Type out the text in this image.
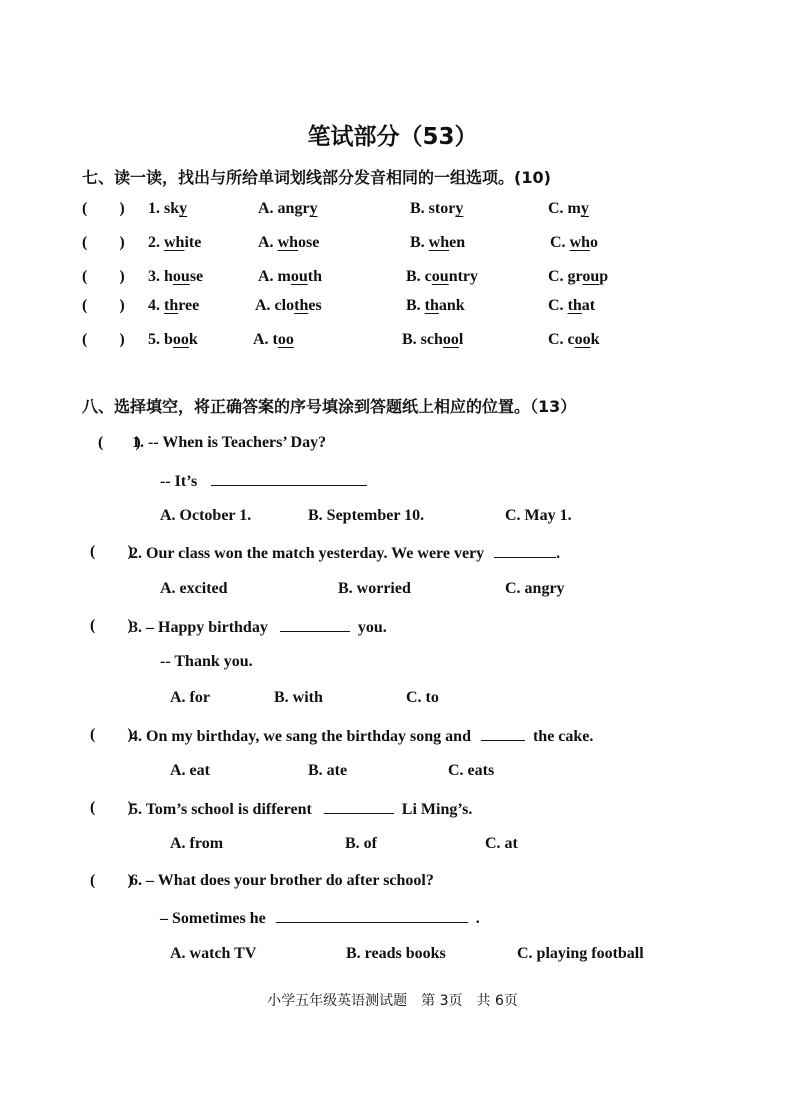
笔试部分（53）
七、读一读，找出与所给单词划线部分发音相同的一组选项。(10)
(  ) 1. sky	A. angry	B. story	C. my
(  ) 2. white	A. whose	B. when	C. who
(  ) 3. house	A. mouth	B. country	C. group
(  ) 4. three	A. clothes	B. thank	C. that
(  ) 5. book	A. too	B. school	C. cook
八、选择填空，将正确答案的序号填涂到答题纸上相应的位置。（13）
(  )
1. -- When is Teachers’ Day?
-- It’s
A. October 1.	B. September 10.	C. May 1.
(  )
2. Our class won the match yesterday. We were very	.
A. excited	B. worried	C. angry
(  )
3. – Happy birthday	you.
-- Thank you.
A. for	B. with	C. to
(  )
4. On my birthday, we sang the birthday song and	the cake.
A. eat	B. ate	C. eats
(  )
5. Tom’s school is different	Li Ming’s.
A. from	B. of	C. at
(  )
6. – What does your brother do after school?
– Sometimes he	.
A. watch TV	B. reads books	C. playing football
小学五年级英语测试题　第 3页　共 6页
